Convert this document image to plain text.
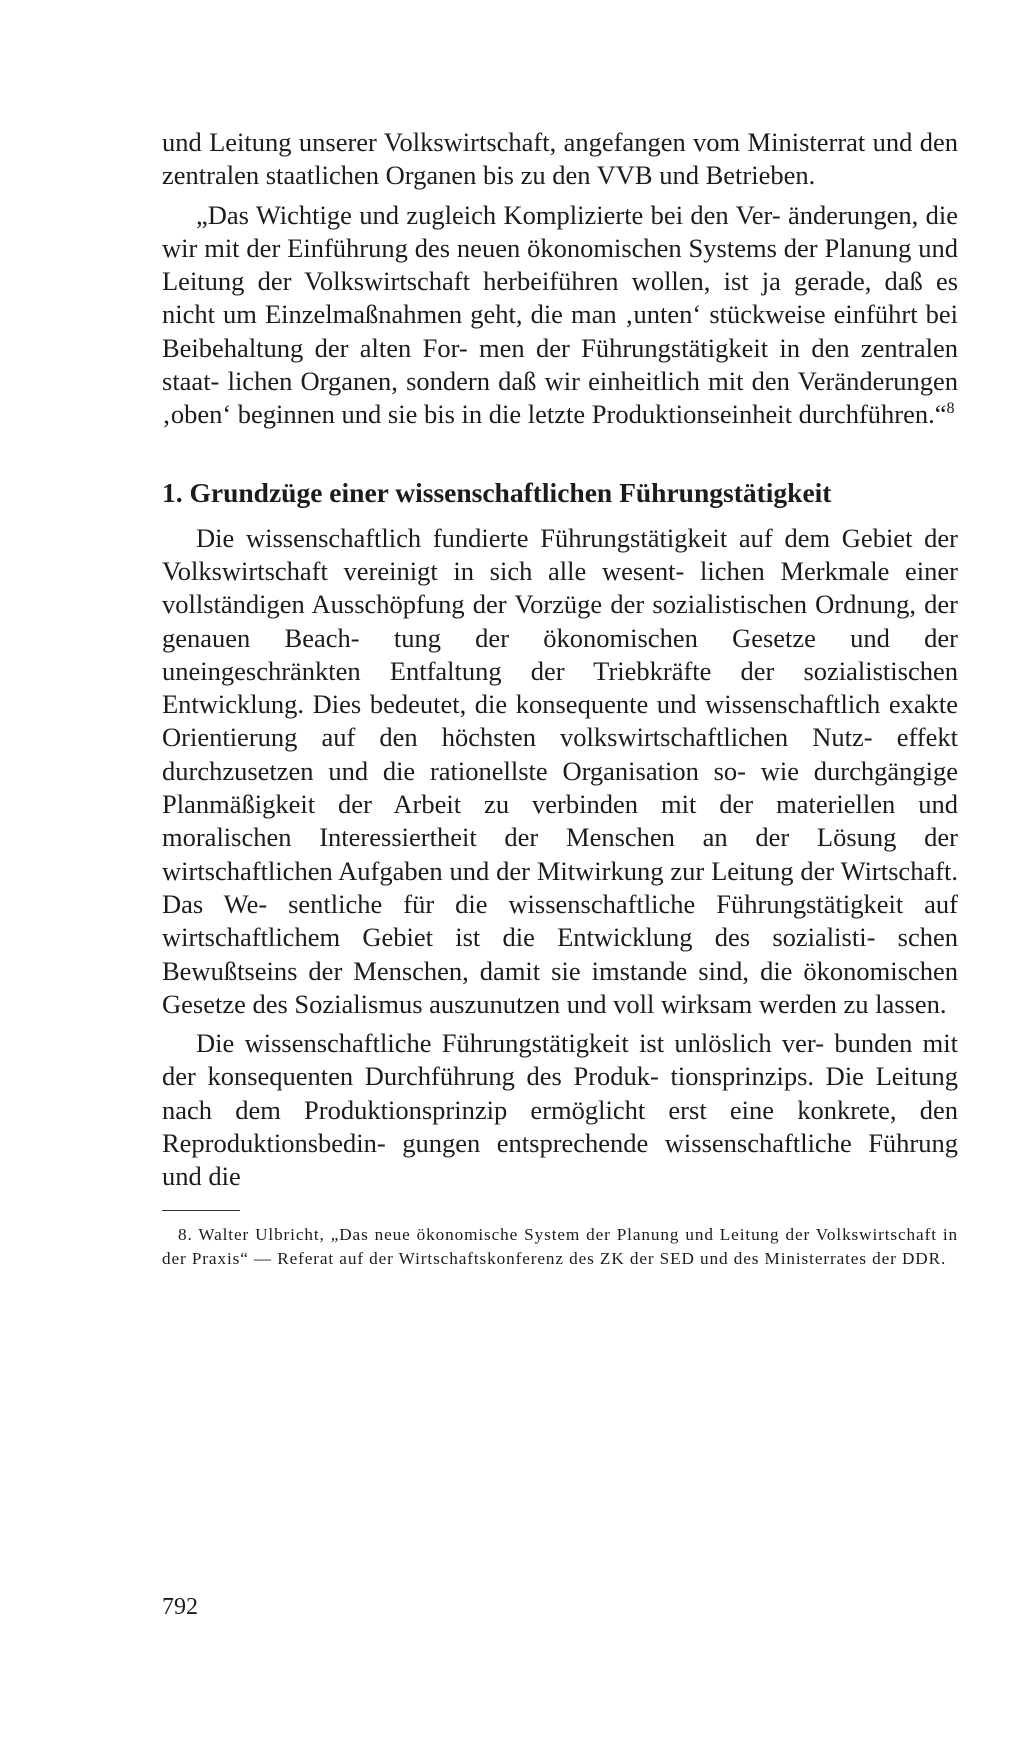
und Leitung unserer Volkswirtschaft, angefangen vom Ministerrat und den zentralen staatlichen Organen bis zu den VVB und Betrieben.

„Das Wichtige und zugleich Komplizierte bei den Ver- änderungen, die wir mit der Einführung des neuen ökonomischen Systems der Planung und Leitung der Volkswirtschaft herbeiführen wollen, ist ja gerade, daß es nicht um Einzelmaßnahmen geht, die man ‚unten‘ stückweise einführt bei Beibehaltung der alten For- men der Führungstätigkeit in den zentralen staat- lichen Organen, sondern daß wir einheitlich mit den Veränderungen ‚oben‘ beginnen und sie bis in die letzte Produktionseinheit durchführen.“$^8$

1. Grundzüge einer wissenschaftlichen Führungstätigkeit

Die wissenschaftlich fundierte Führungstätigkeit auf dem Gebiet der Volkswirtschaft vereinigt in sich alle wesent- lichen Merkmale einer vollständigen Ausschöpfung der Vorzüge der sozialistischen Ordnung, der genauen Beach- tung der ökonomischen Gesetze und der uneingeschränkten Entfaltung der Triebkräfte der sozialistischen Entwicklung. Dies bedeutet, die konsequente und wissenschaftlich exakte Orientierung auf den höchsten volkswirtschaftlichen Nutz- effekt durchzusetzen und die rationellste Organisation so- wie durchgängige Planmäßigkeit der Arbeit zu verbinden mit der materiellen und moralischen Interessiertheit der Menschen an der Lösung der wirtschaftlichen Aufgaben und der Mitwirkung zur Leitung der Wirtschaft. Das We- sentliche für die wissenschaftliche Führungstätigkeit auf wirtschaftlichem Gebiet ist die Entwicklung des sozialisti- schen Bewußtseins der Menschen, damit sie imstande sind, die ökonomischen Gesetze des Sozialismus auszunutzen und voll wirksam werden zu lassen.

Die wissenschaftliche Führungstätigkeit ist unlöslich ver- bunden mit der konsequenten Durchführung des Produk- tionsprinzips. Die Leitung nach dem Produktionsprinzip ermöglicht erst eine konkrete, den Reproduktionsbedin- gungen entsprechende wissenschaftliche Führung und die

8. Walter Ulbricht, „Das neue ökonomische System der Planung und Leitung der Volkswirtschaft in der Praxis“ — Referat auf der Wirtschaftskonferenz des ZK der SED und des Ministerrates der DDR.

792
